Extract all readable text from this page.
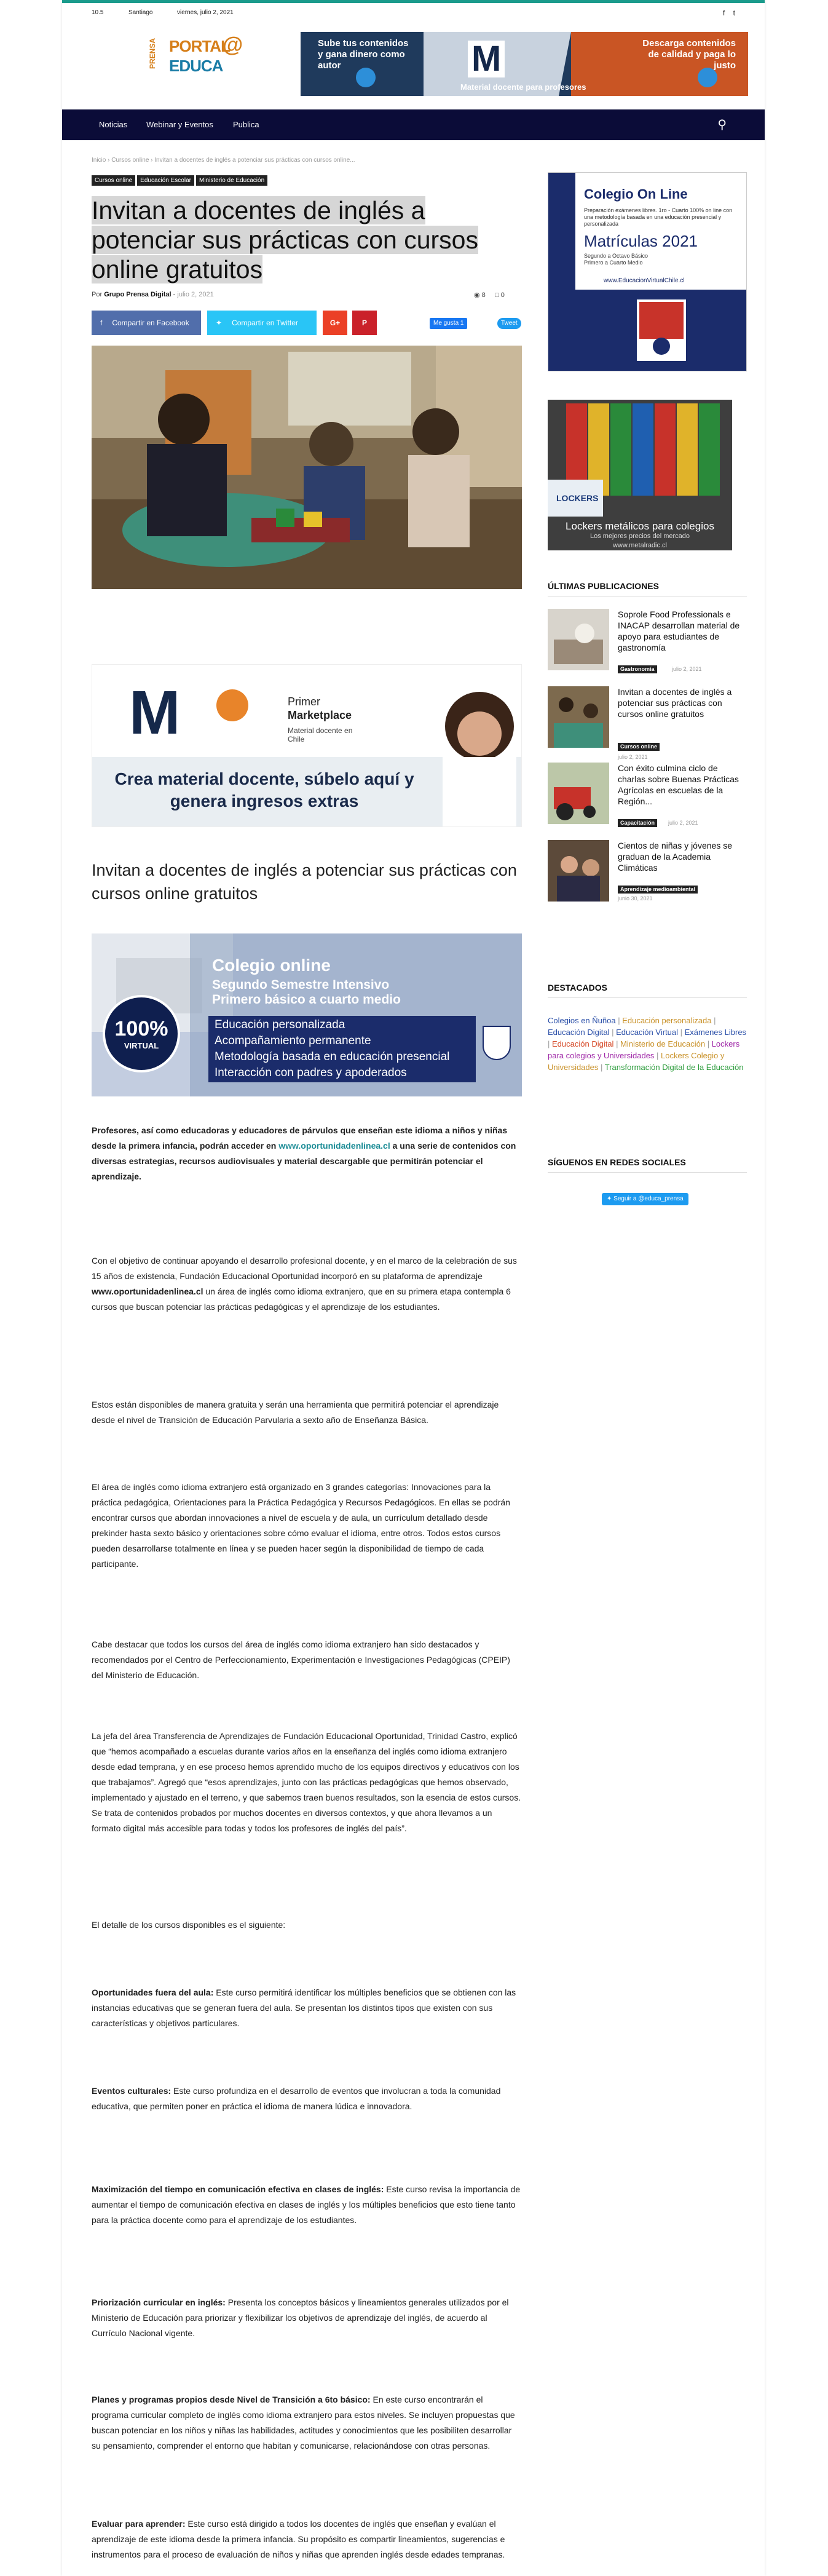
10.5	Santiago	viernes, julio 2, 2021	f t
PRENSA PORTAL
EDUCA
@	Sube tus contenidos y gana dinero como autor
Descarga contenidos de calidad y paga lo justo
M
Material docente para profesores
Noticias Webinar y Eventos Publica	⚲
Inicio › Cursos online › Invitan a docentes de inglés a potenciar sus prácticas con cursos online...
Cursos online Educación Escolar Ministerio de Educación
Invitan a docentes de inglés a potenciar sus prácticas con cursos online gratuitos
Por Grupo Prensa Digital - julio 2, 2021	◉ 8 □ 0
f Compartir en Facebook	✦ Compartir en Twitter	G+	P	Me gusta 1	Tweet
M	Primer
Marketplace
Material docente en Chile
Crea material docente, súbelo aquí y genera ingresos extras
Invitan a docentes de inglés a potenciar sus prácticas con cursos online gratuitos
Colegio online
Segundo Semestre Intensivo
Primero básico a cuarto medio
Educación personalizada
Acompañamiento permanente
Metodología basada en educación presencial
Interacción con padres y apoderados
100%
VIRTUAL

Profesores, así como educadoras y educadores de párvulos que enseñan este idioma a niños y niñas desde la primera infancia, podrán acceder en www.oportunidadenlinea.cl a una serie de contenidos con diversas estrategias, recursos audiovisuales y material descargable que permitirán potenciar el aprendizaje.

Con el objetivo de continuar apoyando el desarrollo profesional docente, y en el marco de la celebración de sus 15 años de existencia, Fundación Educacional Oportunidad incorporó en su plataforma de aprendizaje www.oportunidadenlinea.cl un área de inglés como idioma extranjero, que en su primera etapa contempla 6 cursos que buscan potenciar las prácticas pedagógicas y el aprendizaje de los estudiantes.

Estos están disponibles de manera gratuita y serán una herramienta que permitirá potenciar el aprendizaje desde el nivel de Transición de Educación Parvularia a sexto año de Enseñanza Básica.

El área de inglés como idioma extranjero está organizado en 3 grandes categorías: Innovaciones para la práctica pedagógica, Orientaciones para la Práctica Pedagógica y Recursos Pedagógicos. En ellas se podrán encontrar cursos que abordan innovaciones a nivel de escuela y de aula, un currículum detallado desde prekinder hasta sexto básico y orientaciones sobre cómo evaluar el idioma, entre otros. Todos estos cursos pueden desarrollarse totalmente en línea y se pueden hacer según la disponibilidad de tiempo de cada participante.

Cabe destacar que todos los cursos del área de inglés como idioma extranjero han sido destacados y recomendados por el Centro de Perfeccionamiento, Experimentación e Investigaciones Pedagógicas (CPEIP) del Ministerio de Educación.

La jefa del área Transferencia de Aprendizajes de Fundación Educacional Oportunidad, Trinidad Castro, explicó que “hemos acompañado a escuelas durante varios años en la enseñanza del inglés como idioma extranjero desde edad temprana, y en ese proceso hemos aprendido mucho de los equipos directivos y educativos con los que trabajamos”. Agregó que “esos aprendizajes, junto con las prácticas pedagógicas que hemos observado, implementado y ajustado en el terreno, y que sabemos traen buenos resultados, son la esencia de estos cursos. Se trata de contenidos probados por muchos docentes en diversos contextos, y que ahora llevamos a un formato digital más accesible para todas y todos los profesores de inglés del país”.

El detalle de los cursos disponibles es el siguiente:

Oportunidades fuera del aula: Este curso permitirá identificar los múltiples beneficios que se obtienen con las instancias educativas que se generan fuera del aula. Se presentan los distintos tipos que existen con sus características y objetivos particulares.

Eventos culturales: Este curso profundiza en el desarrollo de eventos que involucran a toda la comunidad educativa, que permiten poner en práctica el idioma de manera lúdica e innovadora.

Maximización del tiempo en comunicación efectiva en clases de inglés: Este curso revisa la importancia de aumentar el tiempo de comunicación efectiva en clases de inglés y los múltiples beneficios que esto tiene tanto para la práctica docente como para el aprendizaje de los estudiantes.

Priorización curricular en inglés: Presenta los conceptos básicos y lineamientos generales utilizados por el Ministerio de Educación para priorizar y flexibilizar los objetivos de aprendizaje del inglés, de acuerdo al Currículo Nacional vigente.

Planes y programas propios desde Nivel de Transición a 6to básico: En este curso encontrarán el programa curricular completo de inglés como idioma extranjero para estos niveles. Se incluyen propuestas que buscan potenciar en los niños y niñas las habilidades, actitudes y conocimientos que les posibiliten desarrollar su pensamiento, comprender el entorno que habitan y comunicarse, relacionándose con otras personas.

Evaluar para aprender: Este curso está dirigido a todos los docentes de inglés que enseñan y evalúan el aprendizaje de este idioma desde la primera infancia. Su propósito es compartir lineamientos, sugerencias e instrumentos para el proceso de evaluación de niños y niñas que aprenden inglés desde edades tempranas.

Colegio On Line
Preparación exámenes libres. 1ro - Cuarto 100% on line con una metodología basada en una educación presencial y personalizada
Matrículas 2021
Segundo a Octavo Básico Primero a Cuarto Medio
www.EducacionVirtualChile.cl
LOCKERS
Lockers metálicos para colegios
Los mejores precios del mercado
www.metalradic.cl
ÚLTIMAS PUBLICACIONES
Soprole Food Professionals e INACAP desarrollan material de apoyo para estudiantes de gastronomía
Gastronomía	julio 2, 2021
Invitan a docentes de inglés a potenciar sus prácticas con cursos online gratuitos
Cursos online
julio 2, 2021
Con éxito culmina ciclo de charlas sobre Buenas Prácticas Agrícolas en escuelas de la Región...
Capacitación	julio 2, 2021
Cientos de niñas y jóvenes se graduan de la Academia Climáticas
Aprendizaje medioambiental
junio 30, 2021
DESTACADOS
Colegios en Ñuñoa | Educación personalizada | Educación Digital | Educación Virtual | Exámenes Libres | Educación Digital | Ministerio de Educación | Lockers para colegios y Universidades | Lockers Colegio y Universidades | Transformación Digital de la Educación
SÍGUENOS EN REDES SOCIALES
✦ Seguir a @educa_prensa
